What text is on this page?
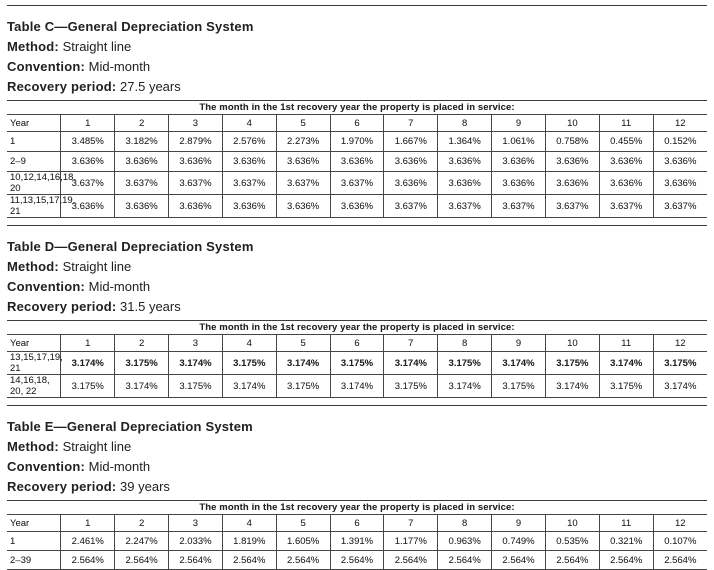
Table C—General Depreciation System

Method: Straight line

Convention: Mid-month

Recovery period: 27.5 years

The month in the 1st recovery year the property is placed in service:												
Year	1	2	3	4	5	6	7	8	9	10	11	12
1	3.485%	3.182%	2.879%	2.576%	2.273%	1.970%	1.667%	1.364%	1.061%	0.758%	0.455%	0.152%
2–9	3.636%	3.636%	3.636%	3.636%	3.636%	3.636%	3.636%	3.636%	3.636%	3.636%	3.636%	3.636%
10,12,14,16,18, 20	3.637%	3.637%	3.637%	3.637%	3.637%	3.637%	3.636%	3.636%	3.636%	3.636%	3.636%	3.636%
11,13,15,17,19, 21	3.636%	3.636%	3.636%	3.636%	3.636%	3.636%	3.637%	3.637%	3.637%	3.637%	3.637%	3.637%
Table D—General Depreciation System

Method: Straight line

Convention: Mid-month

Recovery period: 31.5 years

The month in the 1st recovery year the property is placed in service:												
Year	1	2	3	4	5	6	7	8	9	10	11	12
13,15,17,19, 21	3.174%	3.175%	3.174%	3.175%	3.174%	3.175%	3.174%	3.175%	3.174%	3.175%	3.174%	3.175%
14,16,18, 20, 22	3.175%	3.174%	3.175%	3.174%	3.175%	3.174%	3.175%	3.174%	3.175%	3.174%	3.175%	3.174%
Table E—General Depreciation System

Method: Straight line

Convention: Mid-month

Recovery period: 39 years

The month in the 1st recovery year the property is placed in service:												
Year	1	2	3	4	5	6	7	8	9	10	11	12
1	2.461%	2.247%	2.033%	1.819%	1.605%	1.391%	1.177%	0.963%	0.749%	0.535%	0.321%	0.107%
2–39	2.564%	2.564%	2.564%	2.564%	2.564%	2.564%	2.564%	2.564%	2.564%	2.564%	2.564%	2.564%
